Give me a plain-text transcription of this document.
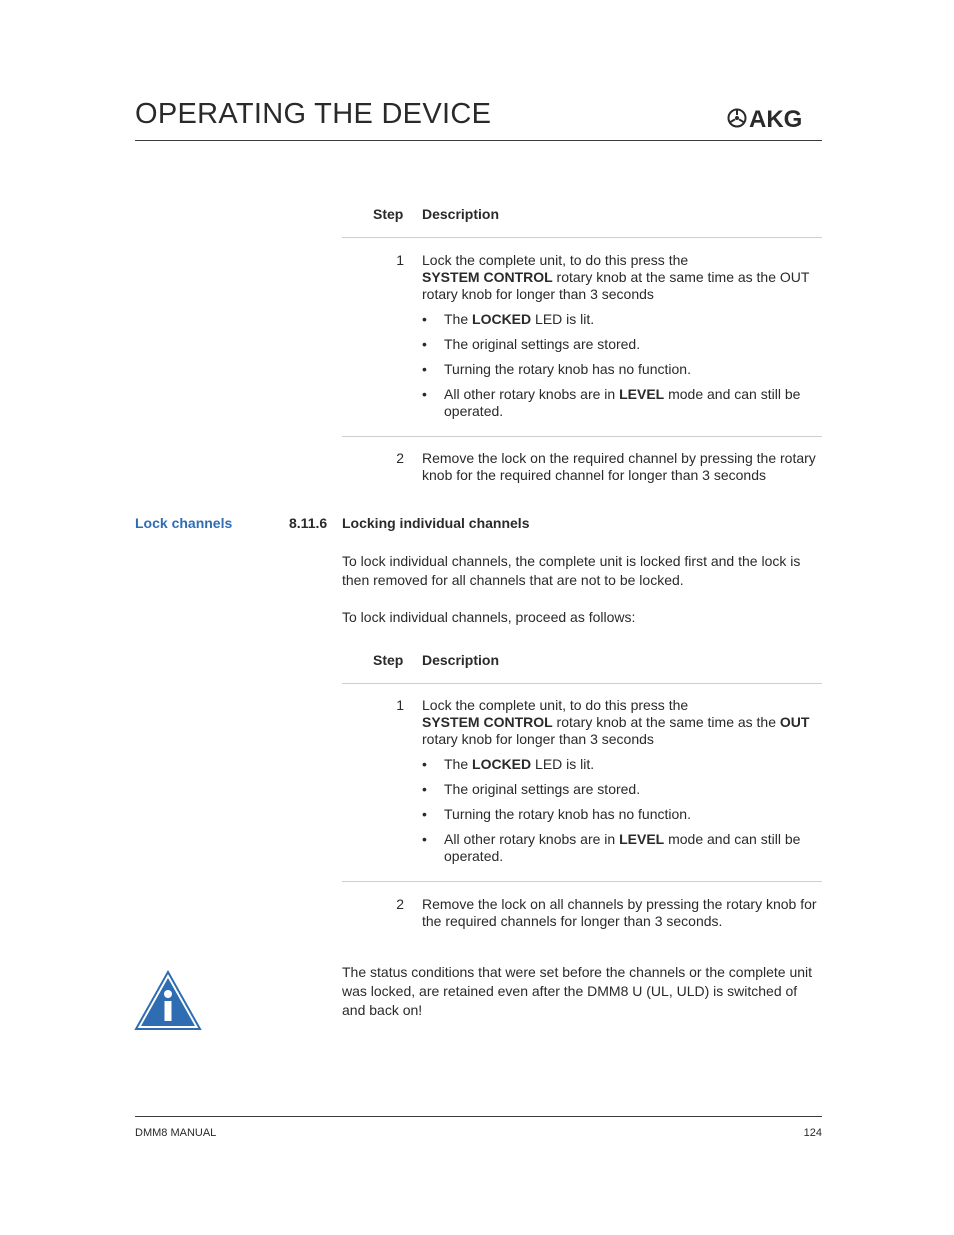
OPERATING THE DEVICE	AKG
Step Description
1 Lock the complete unit, to do this press the
SYSTEM CONTROL rotary knob at the same time as the OUT
rotary knob for longer than 3 seconds
• The LOCKED LED is lit.
• The original settings are stored.
• Turning the rotary knob has no function.
• All other rotary knobs are in LEVEL mode and can still be operated.
2 Remove the lock on the required channel by pressing the rotary knob for the required channel for longer than 3 seconds
Lock channels	8.11.6 Locking individual channels
To lock individual channels, the complete unit is locked first and the lock is then removed for all channels that are not to be locked.
To lock individual channels, proceed as follows:
Step Description
1 Lock the complete unit, to do this press the
SYSTEM CONTROL rotary knob at the same time as the OUT
rotary knob for longer than 3 seconds
• The LOCKED LED is lit.
• The original settings are stored.
• Turning the rotary knob has no function.
• All other rotary knobs are in LEVEL mode and can still be operated.
2 Remove the lock on all channels by pressing the rotary knob for the required channels for longer than 3 seconds.
The status conditions that were set before the channels or the complete unit was locked, are retained even after the DMM8 U (UL, ULD) is switched of and back on!
DMM8 MANUAL	124
